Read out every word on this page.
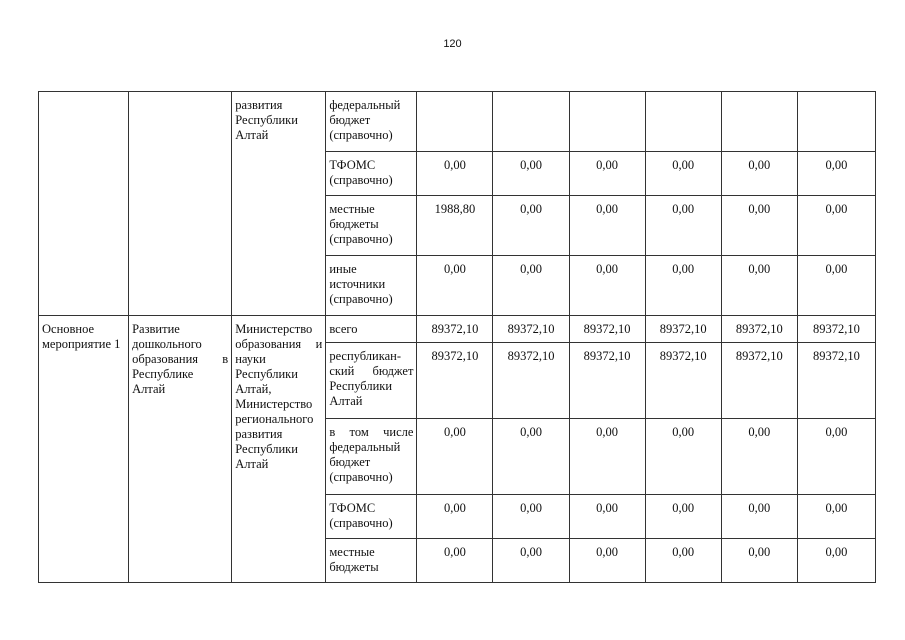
120
		развития Республики Алтай	федеральный бюджет (справочно)						
			ТФОМС (справочно)	0,00	0,00	0,00	0,00	0,00	0,00
			местные бюджеты (справочно)	1988,80	0,00	0,00	0,00	0,00	0,00
			иные источники (справочно)	0,00	0,00	0,00	0,00	0,00	0,00
Основное мероприятие 1	Развитие дошкольного образования в Республике Алтай	Министерство образования и науки Республики Алтай, Министерство регионального развития Республики Алтай	всего	89372,10	89372,10	89372,10	89372,10	89372,10	89372,10
			республикан-ский бюджет Республики Алтай	89372,10	89372,10	89372,10	89372,10	89372,10	89372,10
			в том числе федеральный бюджет (справочно)	0,00	0,00	0,00	0,00	0,00	0,00
			ТФОМС (справочно)	0,00	0,00	0,00	0,00	0,00	0,00
			местные бюджеты	0,00	0,00	0,00	0,00	0,00	0,00
